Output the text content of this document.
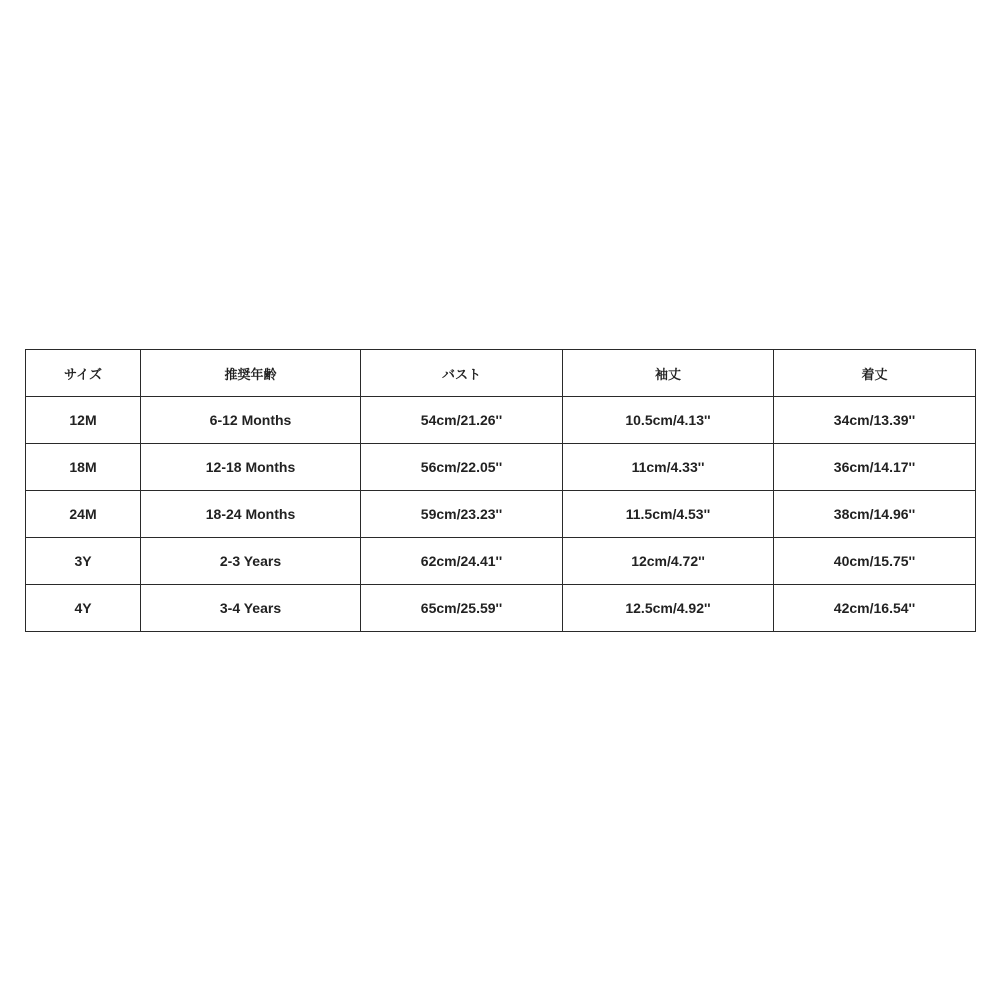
サイズ	推奨年齢	バスト	袖丈	着丈
12M	6-12 Months	54cm/21.26''	10.5cm/4.13''	34cm/13.39''
18M	12-18 Months	56cm/22.05''	11cm/4.33''	36cm/14.17''
24M	18-24 Months	59cm/23.23''	11.5cm/4.53''	38cm/14.96''
3Y	2-3 Years	62cm/24.41''	12cm/4.72''	40cm/15.75''
4Y	3-4 Years	65cm/25.59''	12.5cm/4.92''	42cm/16.54''
